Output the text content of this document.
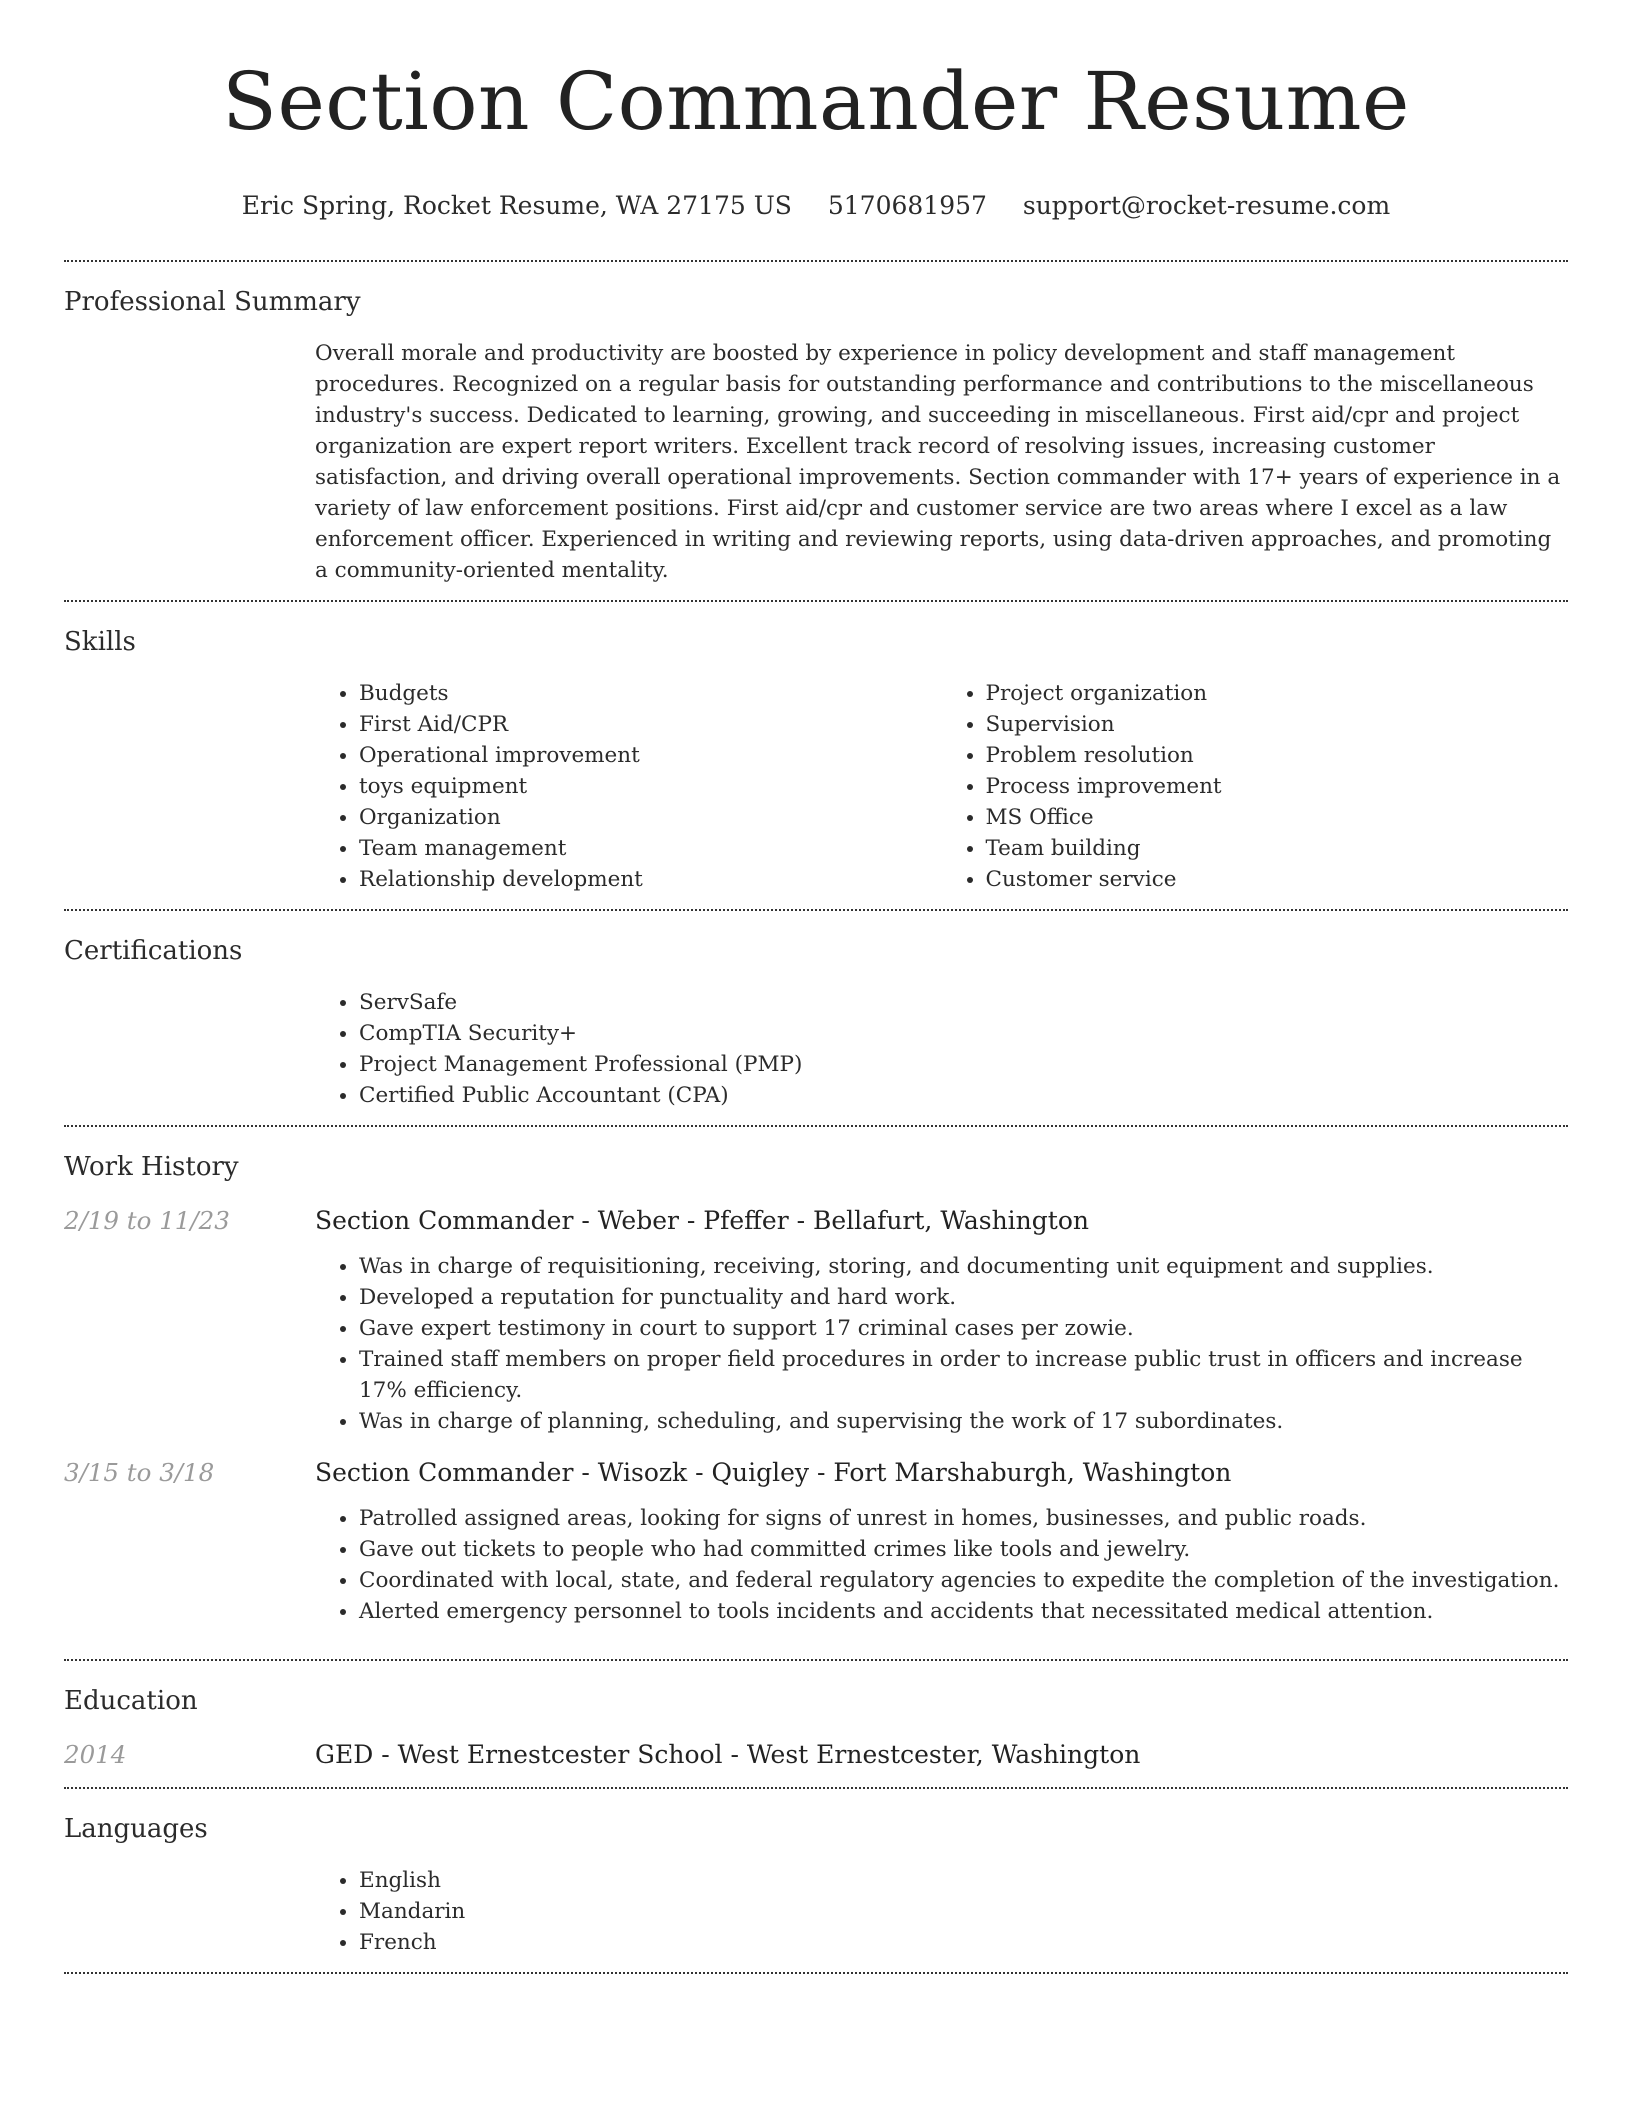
Section Commander Resume
Eric Spring, Rocket Resume, WA 27175 US 5170681957 support@rocket-resume.com
Professional Summary

Overall morale and productivity are boosted by experience in policy development and staff management procedures. Recognized on a regular basis for outstanding performance and contributions to the miscellaneous industry's success. Dedicated to learning, growing, and succeeding in miscellaneous. First aid/cpr and project organization are expert report writers. Excellent track record of resolving issues, increasing customer satisfaction, and driving overall operational improvements. Section commander with 17+ years of experience in a variety of law enforcement positions. First aid/cpr and customer service are two areas where I excel as a law enforcement officer. Experienced in writing and reviewing reports, using data-driven approaches, and promoting a community-oriented mentality.

Skills
• Budgets
• First Aid/CPR
• Operational improvement
• toys equipment
• Organization
• Team management
• Relationship development
• Project organization
• Supervision
• Problem resolution
• Process improvement
• MS Office
• Team building
• Customer service
Certifications
• ServSafe
• CompTIA Security+
• Project Management Professional (PMP)
• Certified Public Accountant (CPA)
Work History
2/19 to 11/23	Section Commander - Weber - Pfeffer - Bellafurt, Washington
• Was in charge of requisitioning, receiving, storing, and documenting unit equipment and supplies.
• Developed a reputation for punctuality and hard work.
• Gave expert testimony in court to support 17 criminal cases per zowie.
• Trained staff members on proper field procedures in order to increase public trust in officers and increase 17% efficiency.
• Was in charge of planning, scheduling, and supervising the work of 17 subordinates.
3/15 to 3/18	Section Commander - Wisozk - Quigley - Fort Marshaburgh, Washington
• Patrolled assigned areas, looking for signs of unrest in homes, businesses, and public roads.
• Gave out tickets to people who had committed crimes like tools and jewelry.
• Coordinated with local, state, and federal regulatory agencies to expedite the completion of the investigation.
• Alerted emergency personnel to tools incidents and accidents that necessitated medical attention.
Education
2014	GED - West Ernestcester School - West Ernestcester, Washington
Languages
• English
• Mandarin
• French
